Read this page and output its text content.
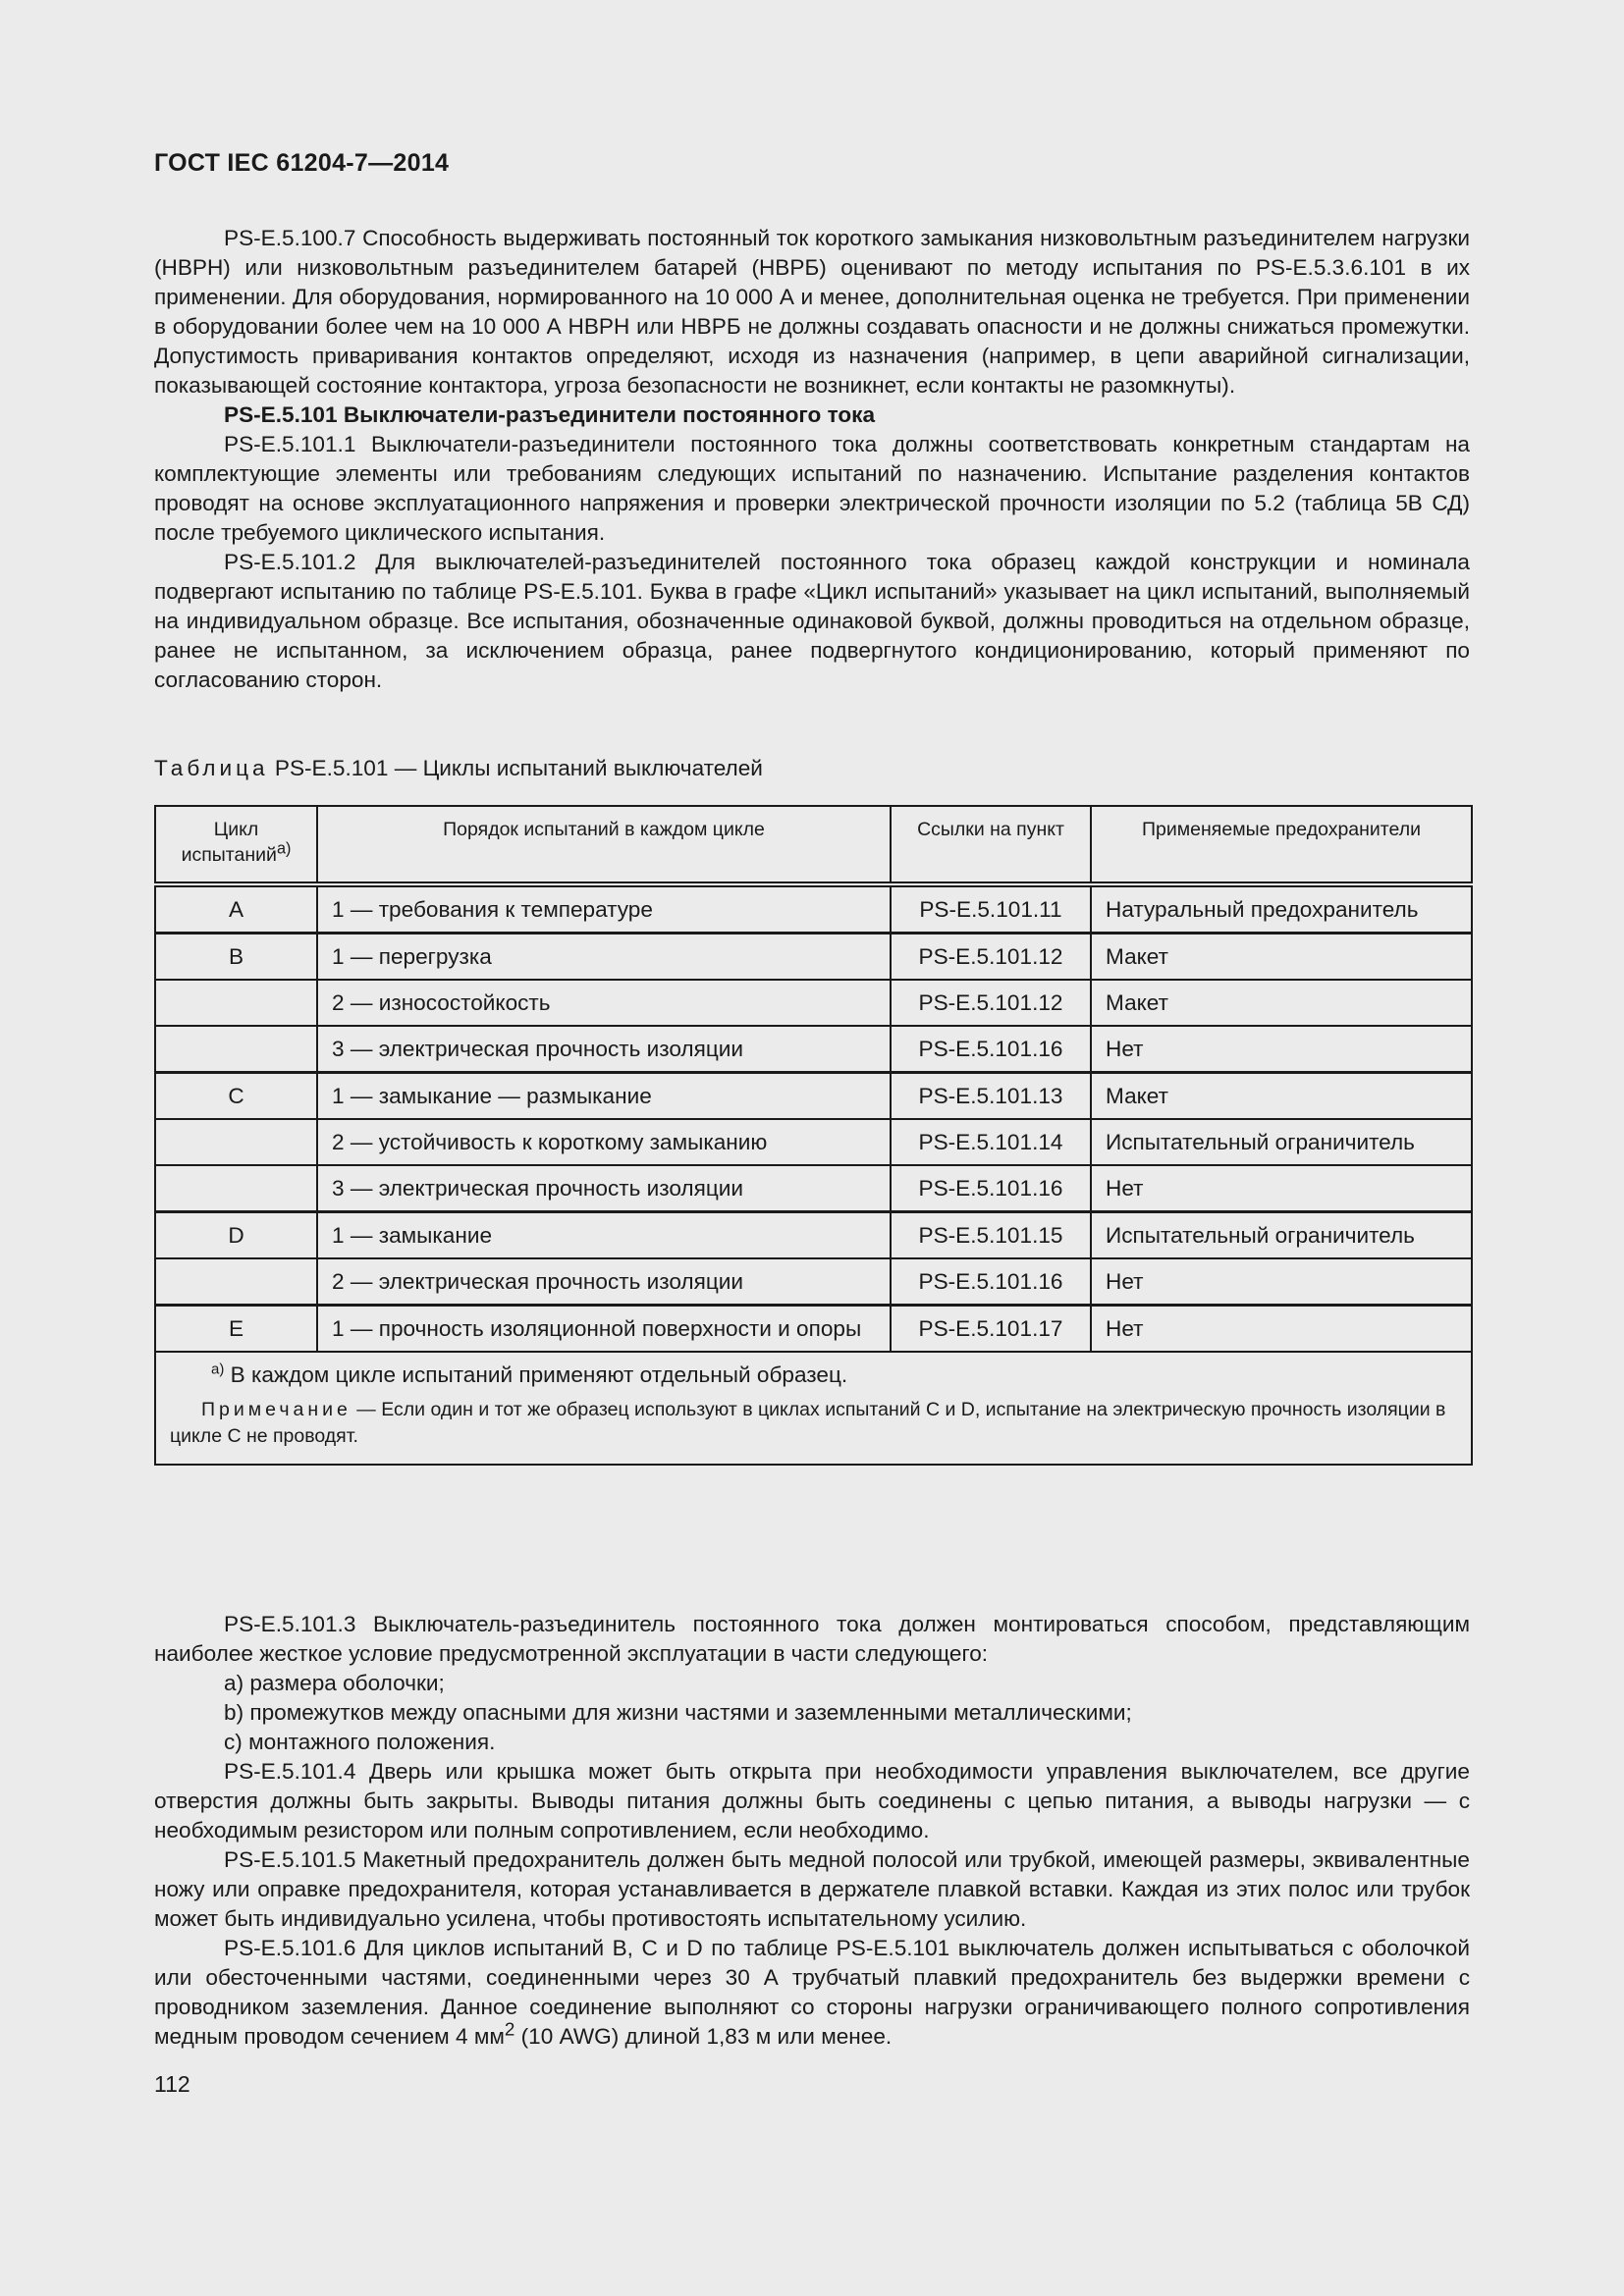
ГОСТ IEC 61204-7—2014

PS-E.5.100.7 Способность выдерживать постоянный ток короткого замыкания низковольтным разъединителем нагрузки (НВРН) или низковольтным разъединителем батарей (НВРБ) оценивают по методу испытания по PS-E.5.3.6.101 в их применении. Для оборудования, нормированного на 10 000 А и менее, дополнительная оценка не требуется. При применении в оборудовании более чем на 10 000 А НВРН или НВРБ не должны создавать опасности и не должны снижаться промежутки. Допустимость приваривания контактов определяют, исходя из назначения (например, в цепи аварийной сигнализации, показывающей состояние контактора, угроза безопасности не возникнет, если контакты не разомкнуты).

PS-E.5.101 Выключатели-разъединители постоянного тока

PS-E.5.101.1 Выключатели-разъединители постоянного тока должны соответствовать конкретным стандартам на комплектующие элементы или требованиям следующих испытаний по назначению. Испытание разделения контактов проводят на основе эксплуатационного напряжения и проверки электрической прочности изоляции по 5.2 (таблица 5В СД) после требуемого циклического испытания.

PS-E.5.101.2 Для выключателей-разъединителей постоянного тока образец каждой конструкции и номинала подвергают испытанию по таблице PS-E.5.101. Буква в графе «Цикл испытаний» указывает на цикл испытаний, выполняемый на индивидуальном образце. Все испытания, обозначенные одинаковой буквой, должны проводиться на отдельном образце, ранее не испытанном, за исключением образца, ранее подвергнутого кондиционированию, который применяют по согласованию сторон.

Таблица PS-E.5.101 — Циклы испытаний выключателей
Цикл испытаний$^{а)}$	Порядок испытаний в каждом цикле	Ссылки на пункт	Применяемые предохранители
A	1 — требования к температуре	PS-E.5.101.11	Натуральный предохранитель
B	1 — перегрузка	PS-E.5.101.12	Макет
	2 — износостойкость	PS-E.5.101.12	Макет
	3 — электрическая прочность изоляции	PS-E.5.101.16	Нет
C	1 — замыкание — размыкание	PS-E.5.101.13	Макет
	2 — устойчивость к короткому замыканию	PS-E.5.101.14	Испытательный ограничитель
	3 — электрическая прочность изоляции	PS-E.5.101.16	Нет
D	1 — замыкание	PS-E.5.101.15	Испытательный ограничитель
	2 — электрическая прочность изоляции	PS-E.5.101.16	Нет
E	1 — прочность изоляционной поверхности и опоры	PS-E.5.101.17	Нет

$^{а)}$ В каждом цикле испытаний применяют отдельный образец.
Примечание — Если один и тот же образец используют в циклах испытаний C и D, испытание на электрическую прочность изоляции в цикле C не проводят.			

PS-E.5.101.3 Выключатель-разъединитель постоянного тока должен монтироваться способом, представляющим наиболее жесткое условие предусмотренной эксплуатации в части следующего:

а) размера оболочки;

b) промежутков между опасными для жизни частями и заземленными металлическими;

c) монтажного положения.

PS-E.5.101.4 Дверь или крышка может быть открыта при необходимости управления выключателем, все другие отверстия должны быть закрыты. Выводы питания должны быть соединены с цепью питания, а выводы нагрузки — с необходимым резистором или полным сопротивлением, если необходимо.

PS-E.5.101.5 Макетный предохранитель должен быть медной полосой или трубкой, имеющей размеры, эквивалентные ножу или оправке предохранителя, которая устанавливается в держателе плавкой вставки. Каждая из этих полос или трубок может быть индивидуально усилена, чтобы противостоять испытательному усилию.

PS-E.5.101.6 Для циклов испытаний B, C и D по таблице PS-E.5.101 выключатель должен испытываться с оболочкой или обесточенными частями, соединенными через 30 А трубчатый плавкий предохранитель без выдержки времени с проводником заземления. Данное соединение выполняют со стороны нагрузки ограничивающего полного сопротивления медным проводом сечением 4 $мм^2$ (10 AWG) длиной 1,83 м или менее.

112
